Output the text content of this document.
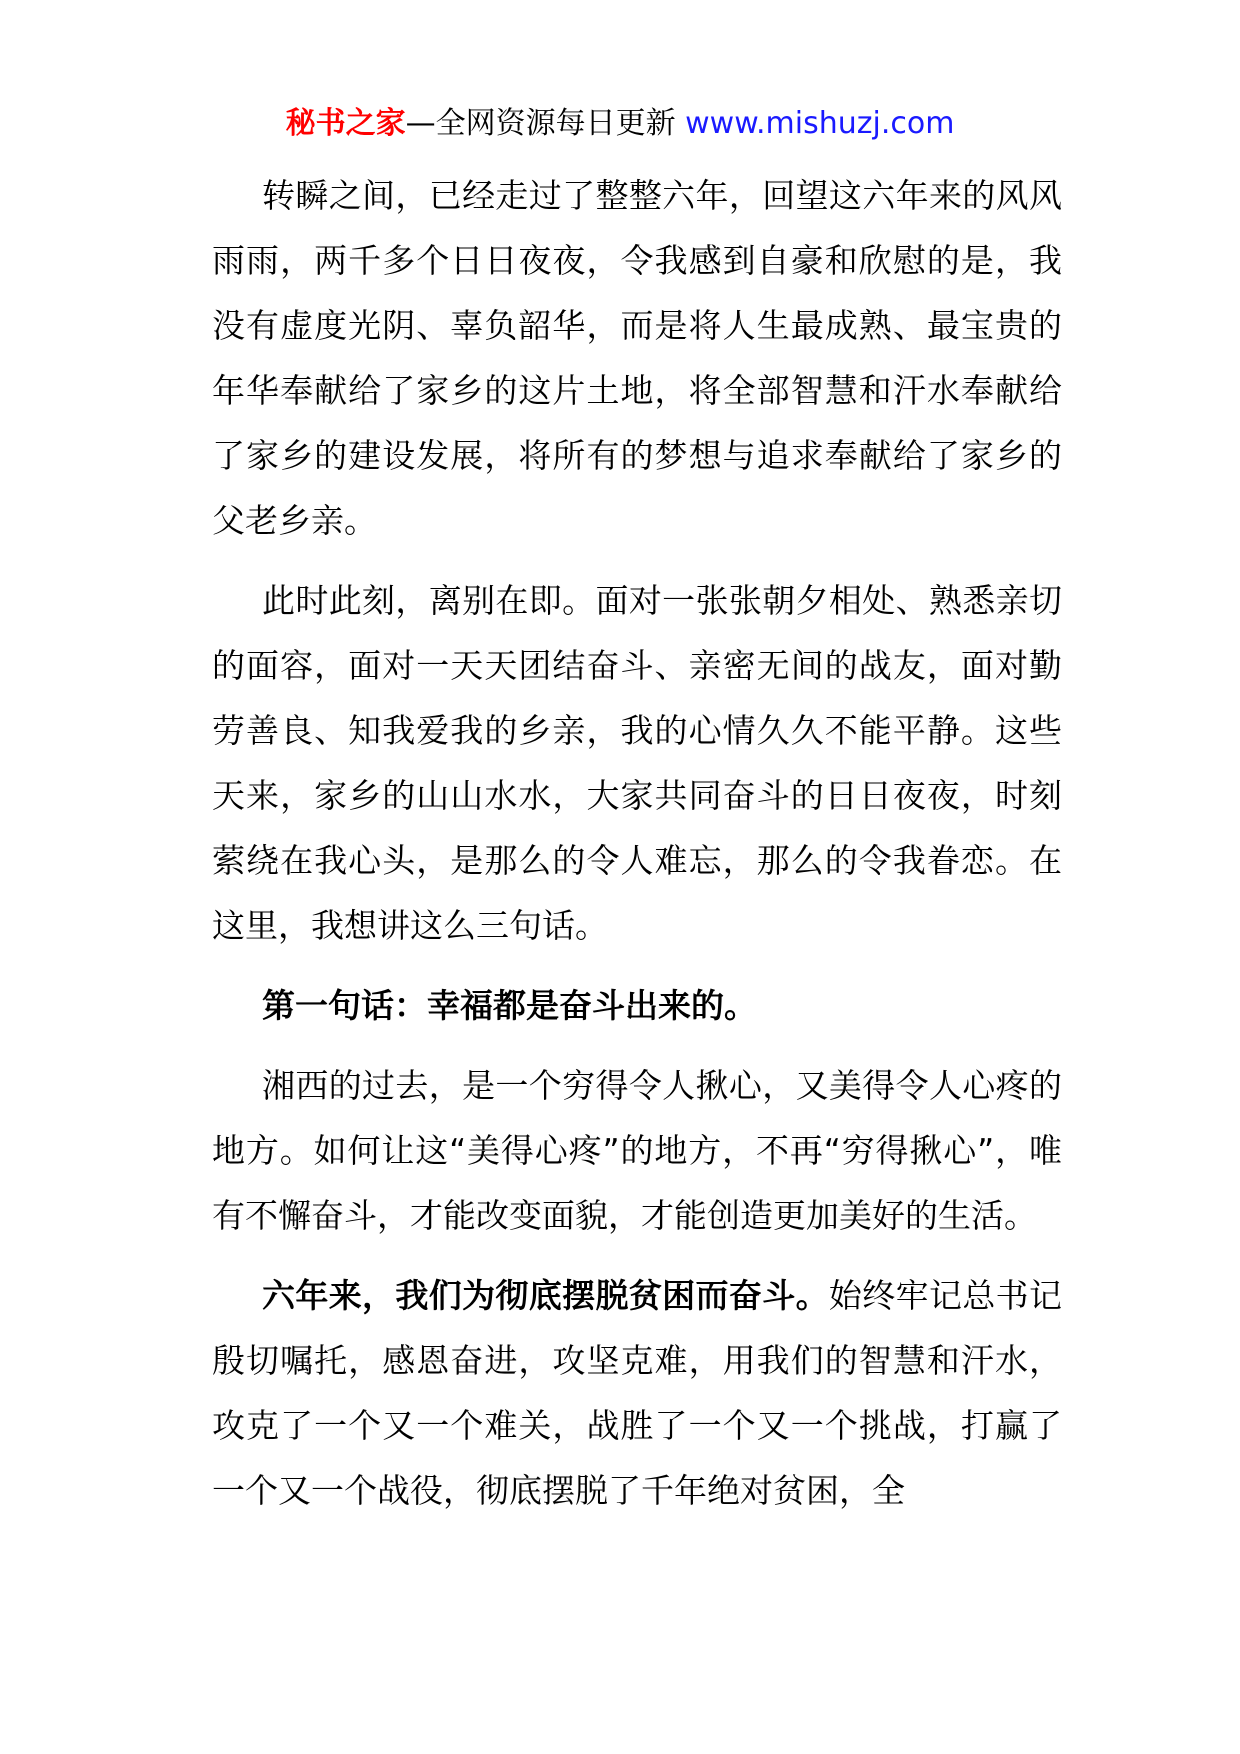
秘书之家—全网资源每日更新 www.mishuzj.com

转瞬之间，已经走过了整整六年，回望这六年来的风风雨雨，两千多个日日夜夜，令我感到自豪和欣慰的是，我没有虚度光阴、辜负韶华，而是将人生最成熟、最宝贵的年华奉献给了家乡的这片土地，将全部智慧和汗水奉献给了家乡的建设发展，将所有的梦想与追求奉献给了家乡的父老乡亲。

此时此刻，离别在即。面对一张张朝夕相处、熟悉亲切的面容，面对一天天团结奋斗、亲密无间的战友，面对勤劳善良、知我爱我的乡亲，我的心情久久不能平静。这些天来，家乡的山山水水，大家共同奋斗的日日夜夜，时刻萦绕在我心头，是那么的令人难忘，那么的令我眷恋。在这里，我想讲这么三句话。

第一句话：幸福都是奋斗出来的。

湘西的过去，是一个穷得令人揪心，又美得令人心疼的地方。如何让这“美得心疼”的地方，不再“穷得揪心”，唯有不懈奋斗，才能改变面貌，才能创造更加美好的生活。

六年来，我们为彻底摆脱贫困而奋斗。始终牢记总书记殷切嘱托，感恩奋进，攻坚克难，用我们的智慧和汗水，攻克了一个又一个难关，战胜了一个又一个挑战，打赢了一个又一个战役，彻底摆脱了千年绝对贫困，全
